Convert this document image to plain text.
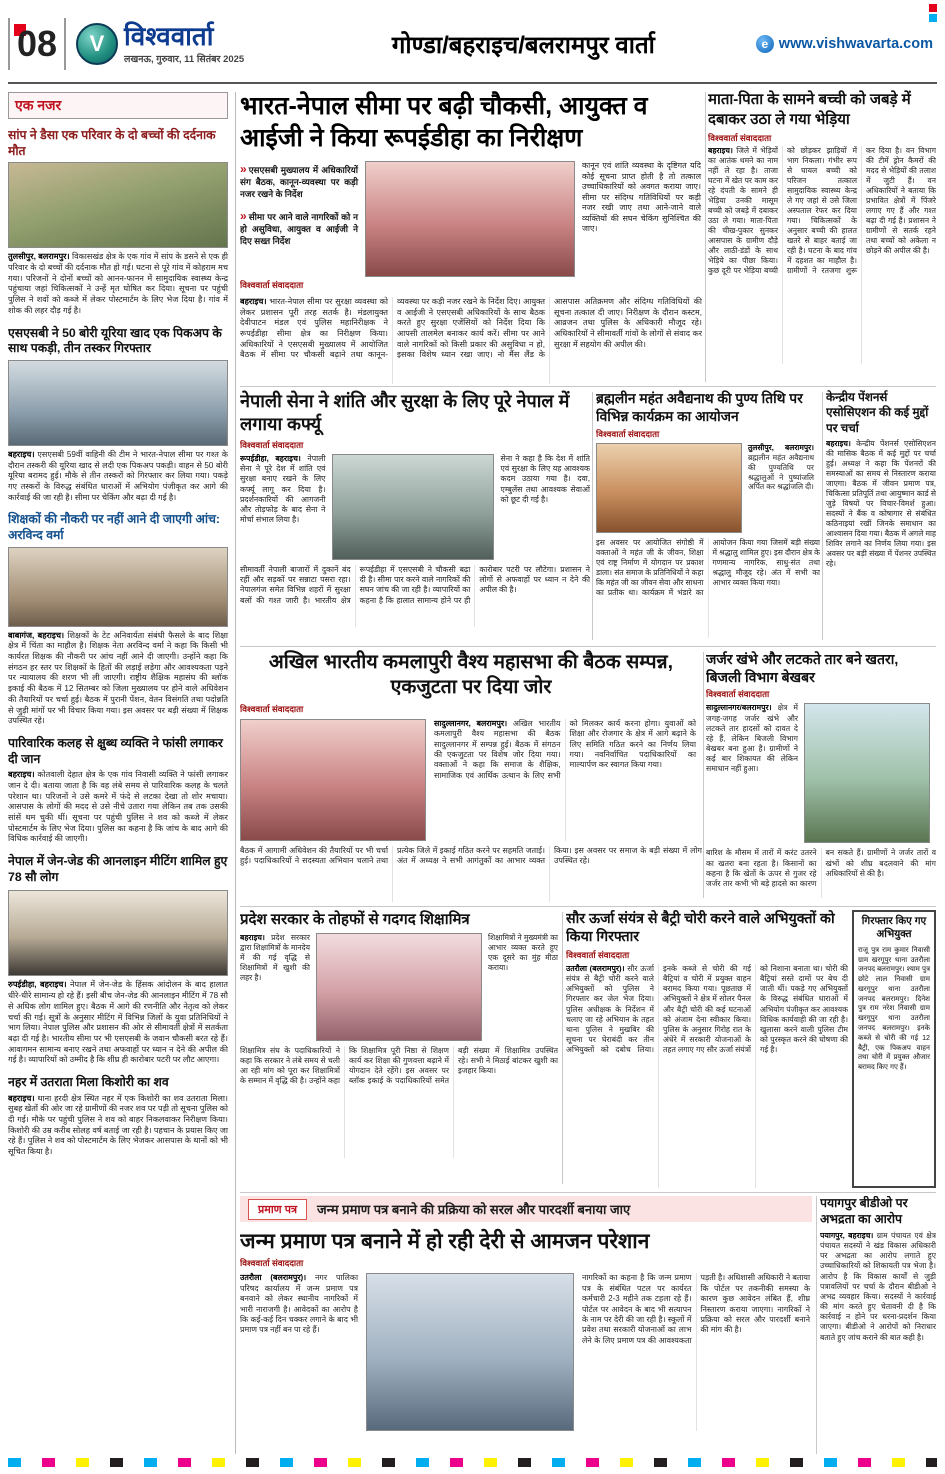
08	V विश्ववार्ता
लखनऊ, गुरुवार, 11 सितंबर 2025
गोण्डा/बहराइच/बलरामपुर वार्ता	e www.vishwavarta.com
एक नजर
सांप ने डैसा एक परिवार के दो बच्चों की दर्दनाक मौत

तुलसीपुर, बलरामपुर। विकासखंड क्षेत्र के एक गांव में सांप के डसने से एक ही परिवार के दो बच्चों की दर्दनाक मौत हो गई। घटना से पूरे गांव में कोहराम मच गया। परिजनों ने दोनों बच्चों को आनन-फानन में सामुदायिक स्वास्थ्य केन्द्र पहुंचाया जहां चिकित्सकों ने उन्हें मृत घोषित कर दिया। सूचना पर पहुंची पुलिस ने शवों को कब्जे में लेकर पोस्टमार्टम के लिए भेज दिया है। गांव में शोक की लहर दौड़ गई है।

एसएसबी ने 50 बोरी यूरिया खाद एक पिकअप के साथ पकड़ी, तीन तस्कर गिरफ्तार

बहराइच। एसएसबी 59वीं वाहिनी की टीम ने भारत-नेपाल सीमा पर गश्त के दौरान तस्करी की यूरिया खाद से लदी एक पिकअप पकड़ी। वाहन से 50 बोरी यूरिया बरामद हुई। मौके से तीन तस्करों को गिरफ्तार कर लिया गया। पकड़े गए तस्करों के विरुद्ध संबंधित धाराओं में अभियोग पंजीकृत कर आगे की कार्रवाई की जा रही है। सीमा पर चेकिंग और बढ़ा दी गई है।

शिक्षकों की नौकरी पर नहीं आने दी जाएगी आंच: अरविन्द वर्मा

बाबागंज, बहराइच। शिक्षकों के टेट अनिवार्यता संबंधी फैसले के बाद शिक्षा क्षेत्र में चिंता का माहौल है। शिक्षक नेता अरविन्द वर्मा ने कहा कि किसी भी कार्यरत शिक्षक की नौकरी पर आंच नहीं आने दी जाएगी। उन्होंने कहा कि संगठन हर स्तर पर शिक्षकों के हितों की लड़ाई लड़ेगा और आवश्यकता पड़ने पर न्यायालय की शरण भी ली जाएगी। राष्ट्रीय शैक्षिक महासंघ की ब्लॉक इकाई की बैठक में 12 सितम्बर को जिला मुख्यालय पर होने वाले अधिवेशन की तैयारियों पर चर्चा हुई। बैठक में पुरानी पेंशन, वेतन विसंगति तथा पदोन्नति से जुड़ी मांगों पर भी विचार किया गया। इस अवसर पर बड़ी संख्या में शिक्षक उपस्थित रहे।

पारिवारिक कलह से क्षुब्ध व्यक्ति ने फांसी लगाकर दी जान

बहराइच। कोतवाली देहात क्षेत्र के एक गांव निवासी व्यक्ति ने फांसी लगाकर जान दे दी। बताया जाता है कि वह लंबे समय से पारिवारिक कलह के चलते परेशान था। परिजनों ने उसे कमरे में फंदे से लटका देखा तो शोर मचाया। आसपास के लोगों की मदद से उसे नीचे उतारा गया लेकिन तब तक उसकी सांसें थम चुकी थीं। सूचना पर पहुंची पुलिस ने शव को कब्जे में लेकर पोस्टमार्टम के लिए भेज दिया। पुलिस का कहना है कि जांच के बाद आगे की विधिक कार्रवाई की जाएगी।

नेपाल में जेन-जेड की आनलाइन मीटिंग शामिल हुए 78 सौ लोग

रुपईडीहा, बहराइच। नेपाल में जेन-जेड के हिंसक आंदोलन के बाद हालात धीरे-धीरे सामान्य हो रहे हैं। इसी बीच जेन-जेड की आनलाइन मीटिंग में 78 सौ से अधिक लोग शामिल हुए। बैठक में आगे की रणनीति और नेतृत्व को लेकर चर्चा की गई। सूत्रों के अनुसार मीटिंग में विभिन्न जिलों के युवा प्रतिनिधियों ने भाग लिया। नेपाल पुलिस और प्रशासन की ओर से सीमावर्ती क्षेत्रों में सतर्कता बढ़ा दी गई है। भारतीय सीमा पर भी एसएसबी के जवान चौकसी बरत रहे हैं। आवागमन सामान्य बनाए रखने तथा अफवाहों पर ध्यान न देने की अपील की गई है। व्यापारियों को उम्मीद है कि शीघ्र ही कारोबार पटरी पर लौट आएगा।

नहर में उतराता मिला किशोरी का शव

बहराइच। थाना हरदी क्षेत्र स्थित नहर में एक किशोरी का शव उतराता मिला। सुबह खेतों की ओर जा रहे ग्रामीणों की नजर शव पर पड़ी तो सूचना पुलिस को दी गई। मौके पर पहुंची पुलिस ने शव को बाहर निकलवाकर निरीक्षण किया। किशोरी की उम्र करीब सोलह वर्ष बताई जा रही है। पहचान के प्रयास किए जा रहे हैं। पुलिस ने शव को पोस्टमार्टम के लिए भेजकर आसपास के थानों को भी सूचित किया है।

भारत-नेपाल सीमा पर बढ़ी चौकसी, आयुक्त व आईजी ने किया रूपईडीहा का निरीक्षण

» एसएसबी मुख्यालय में अधिकारियों संग बैठक, कानून-व्यवस्था पर कड़ी नजर रखने के निर्देश

» सीमा पर आने वाले नागरिकों को न हो असुविधा, आयुक्त व आईजी ने दिए सख्त निर्देश

कानून एवं शांति व्यवस्था के दृष्टिगत यदि कोई सूचना प्राप्त होती है तो तत्काल उच्चाधिकारियों को अवगत कराया जाए। सीमा पर संदिग्ध गतिविधियों पर कड़ी नजर रखी जाए तथा आने-जाने वाले व्यक्तियों की सघन चेकिंग सुनिश्चित की जाए।
विश्ववार्ता संवाददाता
बहराइच। भारत-नेपाल सीमा पर सुरक्षा व्यवस्था को लेकर प्रशासन पूरी तरह सतर्क है। मंडलायुक्त देवीपाटन मंडल एवं पुलिस महानिरीक्षक ने रूपईडीहा सीमा क्षेत्र का निरीक्षण किया। अधिकारियों ने एसएसबी मुख्यालय में आयोजित बैठक में सीमा पर चौकसी बढ़ाने तथा कानून-व्यवस्था पर कड़ी नजर रखने के निर्देश दिए। आयुक्त व आईजी ने एसएसबी अधिकारियों के साथ बैठक करते हुए सुरक्षा एजेंसियों को निर्देश दिया कि आपसी तालमेल बनाकर कार्य करें। सीमा पर आने वाले नागरिकों को किसी प्रकार की असुविधा न हो, इसका विशेष ध्यान रखा जाए। नो मैंस लैंड के आसपास अतिक्रमण और संदिग्ध गतिविधियों की सूचना तत्काल दी जाए। निरीक्षण के दौरान कस्टम, आव्रजन तथा पुलिस के अधिकारी मौजूद रहे। अधिकारियों ने सीमावर्ती गांवों के लोगों से संवाद कर सुरक्षा में सहयोग की अपील की।
माता-पिता के सामने बच्ची को जबड़े में दबाकर उठा ले गया भेड़िया
विश्ववार्ता संवाददाता
बहराइच। जिले में भेड़ियों का आतंक थमने का नाम नहीं ले रहा है। ताजा घटना में खेत पर काम कर रहे दंपती के सामने ही भेड़िया उनकी मासूम बच्ची को जबड़े में दबाकर उठा ले गया। माता-पिता की चीख-पुकार सुनकर आसपास के ग्रामीण दौड़े और लाठी-डंडों के साथ भेड़िये का पीछा किया। कुछ दूरी पर भेड़िया बच्ची को छोड़कर झाड़ियों में भाग निकला। गंभीर रूप से घायल बच्ची को परिजन तत्काल सामुदायिक स्वास्थ्य केन्द्र ले गए जहां से उसे जिला अस्पताल रेफर कर दिया गया। चिकित्सकों के अनुसार बच्ची की हालत खतरे से बाहर बताई जा रही है। घटना के बाद गांव में दहशत का माहौल है। ग्रामीणों ने रतजगा शुरू कर दिया है। वन विभाग की टीमें ड्रोन कैमरों की मदद से भेड़ियों की तलाश में जुटी हैं। वन अधिकारियों ने बताया कि प्रभावित क्षेत्रों में पिंजरे लगाए गए हैं और गश्त बढ़ा दी गई है। प्रशासन ने ग्रामीणों से सतर्क रहने तथा बच्चों को अकेला न छोड़ने की अपील की है।
नेपाली सेना ने शांति और सुरक्षा के लिए पूरे नेपाल में लगाया कर्फ्यू
विश्ववार्ता संवाददाता
रूपईडीहा, बहराइच। नेपाली सेना ने पूरे देश में शांति एवं सुरक्षा बनाए रखने के लिए कर्फ्यू लागू कर दिया है। प्रदर्शनकारियों की आगजनी और तोड़फोड़ के बाद सेना ने मोर्चा संभाल लिया है।
सेना ने कहा है कि देश में शांति एवं सुरक्षा के लिए यह आवश्यक कदम उठाया गया है। दवा, एम्बुलेंस तथा आवश्यक सेवाओं को छूट दी गई है।
सीमावर्ती नेपाली बाजारों में दुकानें बंद रहीं और सड़कों पर सन्नाटा पसरा रहा। नेपालगंज समेत विभिन्न शहरों में सुरक्षा बलों की गश्त जारी है। भारतीय क्षेत्र रूपईडीहा में एसएसबी ने चौकसी बढ़ा दी है। सीमा पार करने वाले नागरिकों की सघन जांच की जा रही है। व्यापारियों का कहना है कि हालात सामान्य होने पर ही कारोबार पटरी पर लौटेगा। प्रशासन ने लोगों से अफवाहों पर ध्यान न देने की अपील की है।
ब्रह्मलीन महंत अवैद्यनाथ की पुण्य तिथि पर विभिन्न कार्यक्रम का आयोजन
विश्ववार्ता संवाददाता
तुलसीपुर, बलरामपुर। ब्रह्मलीन महंत अवैद्यनाथ की पुण्यतिथि पर श्रद्धालुओं ने पुष्पांजलि अर्पित कर श्रद्धांजलि दी।
इस अवसर पर आयोजित संगोष्ठी में वक्ताओं ने महंत जी के जीवन, शिक्षा एवं राष्ट्र निर्माण में योगदान पर प्रकाश डाला। संत समाज के प्रतिनिधियों ने कहा कि महंत जी का जीवन सेवा और साधना का प्रतीक था। कार्यक्रम में भंडारे का आयोजन किया गया जिसमें बड़ी संख्या में श्रद्धालु शामिल हुए। इस दौरान क्षेत्र के गणमान्य नागरिक, साधु-संत तथा श्रद्धालु मौजूद रहे। अंत में सभी का आभार व्यक्त किया गया।
केन्द्रीय पेंशनर्स एसोसिएशन की कई मुद्दों पर चर्चा
बहराइच। केन्द्रीय पेंशनर्स एसोसिएशन की मासिक बैठक में कई मुद्दों पर चर्चा हुई। अध्यक्ष ने कहा कि पेंशनरों की समस्याओं का समय से निस्तारण कराया जाएगा। बैठक में जीवन प्रमाण पत्र, चिकित्सा प्रतिपूर्ति तथा आयुष्मान कार्ड से जुड़े विषयों पर विचार-विमर्श हुआ। सदस्यों ने बैंक व कोषागार से संबंधित कठिनाइयां रखीं जिनके समाधान का आश्वासन दिया गया। बैठक में अगले माह शिविर लगाने का निर्णय लिया गया। इस अवसर पर बड़ी संख्या में पेंशनर उपस्थित रहे।
अखिल भारतीय कमलापुरी वैश्य महासभा की बैठक सम्पन्न, एकजुटता पर दिया जोर
विश्ववार्ता संवाददाता
सादुल्लानगर, बलरामपुर। अखिल भारतीय कमलापुरी वैश्य महासभा की बैठक सादुल्लानगर में सम्पन्न हुई। बैठक में संगठन की एकजुटता पर विशेष जोर दिया गया। वक्ताओं ने कहा कि समाज के शैक्षिक, सामाजिक एवं आर्थिक उत्थान के लिए सभी को मिलकर कार्य करना होगा। युवाओं को शिक्षा और रोजगार के क्षेत्र में आगे बढ़ाने के लिए समिति गठित करने का निर्णय लिया गया। नवनिर्वाचित पदाधिकारियों का माल्यार्पण कर स्वागत किया गया।
बैठक में आगामी अधिवेशन की तैयारियों पर भी चर्चा हुई। पदाधिकारियों ने सदस्यता अभियान चलाने तथा प्रत्येक जिले में इकाई गठित करने पर सहमति जताई। अंत में अध्यक्ष ने सभी आगंतुकों का आभार व्यक्त किया। इस अवसर पर समाज के बड़ी संख्या में लोग उपस्थित रहे।
जर्जर खंभे और लटकते तार बने खतरा, बिजली विभाग बेखबर
विश्ववार्ता संवाददाता
सादुल्लानगर/बलरामपुर। क्षेत्र में जगह-जगह जर्जर खंभे और लटकते तार हादसों को दावत दे रहे हैं, लेकिन बिजली विभाग बेखबर बना हुआ है। ग्रामीणों ने कई बार शिकायत की लेकिन समाधान नहीं हुआ।
बारिश के मौसम में तारों में करंट उतरने का खतरा बना रहता है। किसानों का कहना है कि खेतों के ऊपर से गुजर रहे जर्जर तार कभी भी बड़े हादसे का कारण बन सकते हैं। ग्रामीणों ने जर्जर तारों व खंभों को शीघ्र बदलवाने की मांग अधिकारियों से की है।
प्रदेश सरकार के तोहफों से गदगद शिक्षामित्र
बहराइच। प्रदेश सरकार द्वारा शिक्षामित्रों के मानदेय में की गई वृद्धि से शिक्षामित्रों में खुशी की लहर है।
शिक्षामित्रों ने मुख्यमंत्री का आभार व्यक्त करते हुए एक दूसरे का मुंह मीठा कराया।
शिक्षामित्र संघ के पदाधिकारियों ने कहा कि सरकार ने लंबे समय से चली आ रही मांग को पूरा कर शिक्षामित्रों के सम्मान में वृद्धि की है। उन्होंने कहा कि शिक्षामित्र पूरी निष्ठा से शिक्षण कार्य कर शिक्षा की गुणवत्ता बढ़ाने में योगदान देते रहेंगे। इस अवसर पर ब्लॉक इकाई के पदाधिकारियों समेत बड़ी संख्या में शिक्षामित्र उपस्थित रहे। सभी ने मिठाई बांटकर खुशी का इजहार किया।
सौर ऊर्जा संयंत्र से बैट्री चोरी करने वाले अभियुक्तों को किया गिरफ्तार
विश्ववार्ता संवाददाता
उतरौला (बलरामपुर)। सौर ऊर्जा संयंत्र से बैट्री चोरी करने वाले अभियुक्तों को पुलिस ने गिरफ्तार कर जेल भेज दिया। पुलिस अधीक्षक के निर्देशन में चलाए जा रहे अभियान के तहत थाना पुलिस ने मुखबिर की सूचना पर घेराबंदी कर तीन अभियुक्तों को दबोच लिया। इनके कब्जे से चोरी की गई बैट्रियां व चोरी में प्रयुक्त वाहन बरामद किया गया। पूछताछ में अभियुक्तों ने क्षेत्र में सोलर पैनल और बैट्री चोरी की कई घटनाओं को अंजाम देना स्वीकार किया। पुलिस के अनुसार गिरोह रात के अंधेरे में सरकारी योजनाओं के तहत लगाए गए सौर ऊर्जा संयंत्रों को निशाना बनाता था। चोरी की बैट्रियां सस्ते दामों पर बेच दी जाती थीं। पकड़े गए अभियुक्तों के विरुद्ध संबंधित धाराओं में अभियोग पंजीकृत कर आवश्यक विधिक कार्यवाही की जा रही है। खुलासा करने वाली पुलिस टीम को पुरस्कृत करने की घोषणा की गई है।
गिरफ्तार किए गए अभियुक्त
राजू पुत्र राम कुमार निवासी ग्राम खरगूपुर थाना उतरौला जनपद बलरामपुर। श्याम पुत्र छोटे लाल निवासी ग्राम खरगूपुर थाना उतरौला जनपद बलरामपुर। दिनेश पुत्र राम नरेश निवासी ग्राम खरगूपुर थाना उतरौला जनपद बलरामपुर। इनके कब्जे से चोरी की गई 12 बैट्री, एक पिकअप वाहन तथा चोरी में प्रयुक्त औजार बरामद किए गए हैं।
प्रमाण पत्र	जन्म प्रमाण पत्र बनाने की प्रक्रिया को सरल और पारदर्शी बनाया जाए
जन्म प्रमाण पत्र बनाने में हो रही देरी से आमजन परेशान
विश्ववार्ता संवाददाता
उतरौला (बलरामपुर)। नगर पालिका परिषद कार्यालय में जन्म प्रमाण पत्र बनवाने को लेकर स्थानीय नागरिकों में भारी नाराजगी है। आवेदकों का आरोप है कि कई-कई दिन चक्कर लगाने के बाद भी प्रमाण पत्र नहीं बन पा रहे हैं।
नागरिकों का कहना है कि जन्म प्रमाण पत्र के संबंधित पटल पर कार्यरत कर्मचारी 2-3 महीने तक टहला रहे हैं। पोर्टल पर आवेदन के बाद भी सत्यापन के नाम पर देरी की जा रही है। स्कूलों में प्रवेश तथा सरकारी योजनाओं का लाभ लेने के लिए प्रमाण पत्र की आवश्यकता पड़ती है। अधिशासी अधिकारी ने बताया कि पोर्टल पर तकनीकी समस्या के कारण कुछ आवेदन लंबित हैं, शीघ्र निस्तारण कराया जाएगा। नागरिकों ने प्रक्रिया को सरल और पारदर्शी बनाने की मांग की है।
पयागपुर बीडीओ पर अभद्रता का आरोप
पयागपुर, बहराइच। ग्राम पंचायत एवं क्षेत्र पंचायत सदस्यों ने खंड विकास अधिकारी पर अभद्रता का आरोप लगाते हुए उच्चाधिकारियों को शिकायती पत्र भेजा है। आरोप है कि विकास कार्यों से जुड़ी पत्रावलियों पर चर्चा के दौरान बीडीओ ने अभद्र व्यवहार किया। सदस्यों ने कार्रवाई की मांग करते हुए चेतावनी दी है कि कार्रवाई न होने पर धरना-प्रदर्शन किया जाएगा। बीडीओ ने आरोपों को निराधार बताते हुए जांच कराने की बात कही है।
